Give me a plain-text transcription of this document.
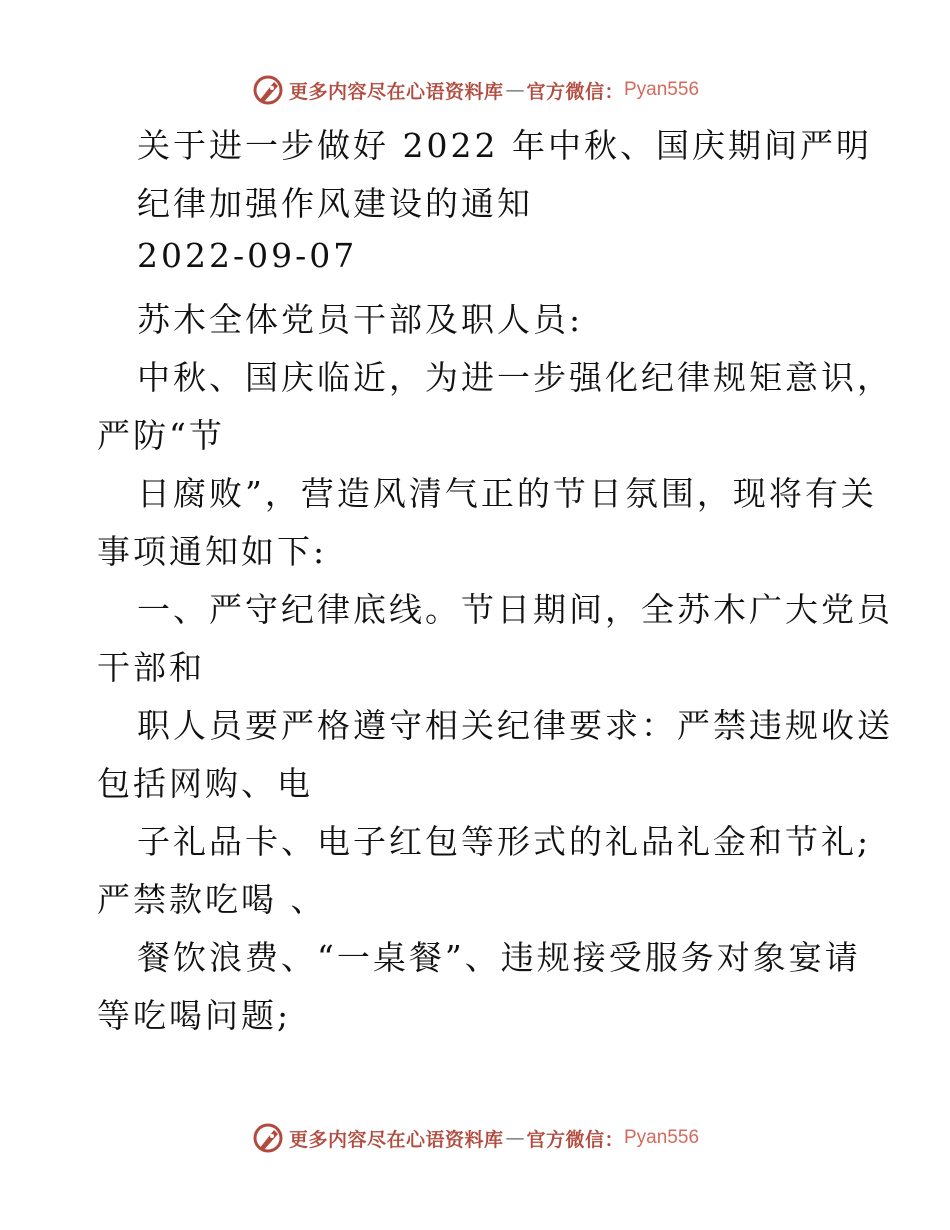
更多内容尽在心语资料库 — 官方微信： Pyan556
关于进一步做好 2022 年中秋、国庆期间严明
纪律加强作风建设的通知
2022-09-07
苏木全体党员干部及职人员:
中秋、国庆临近，为进一步强化纪律规矩意识，
严防“节
日腐败”，营造风清气正的节日氛围，现将有关
事项通知如下:
一、严守纪律底线。节日期间，全苏木广大党员
干部和
职人员要严格遵守相关纪律要求：严禁违规收送
包括网购、电
子礼品卡、电子红包等形式的礼品礼金和节礼;
严禁款吃喝 、
餐饮浪费、“一桌餐”、违规接受服务对象宴请
等吃喝问题;
更多内容尽在心语资料库 — 官方微信： Pyan556
